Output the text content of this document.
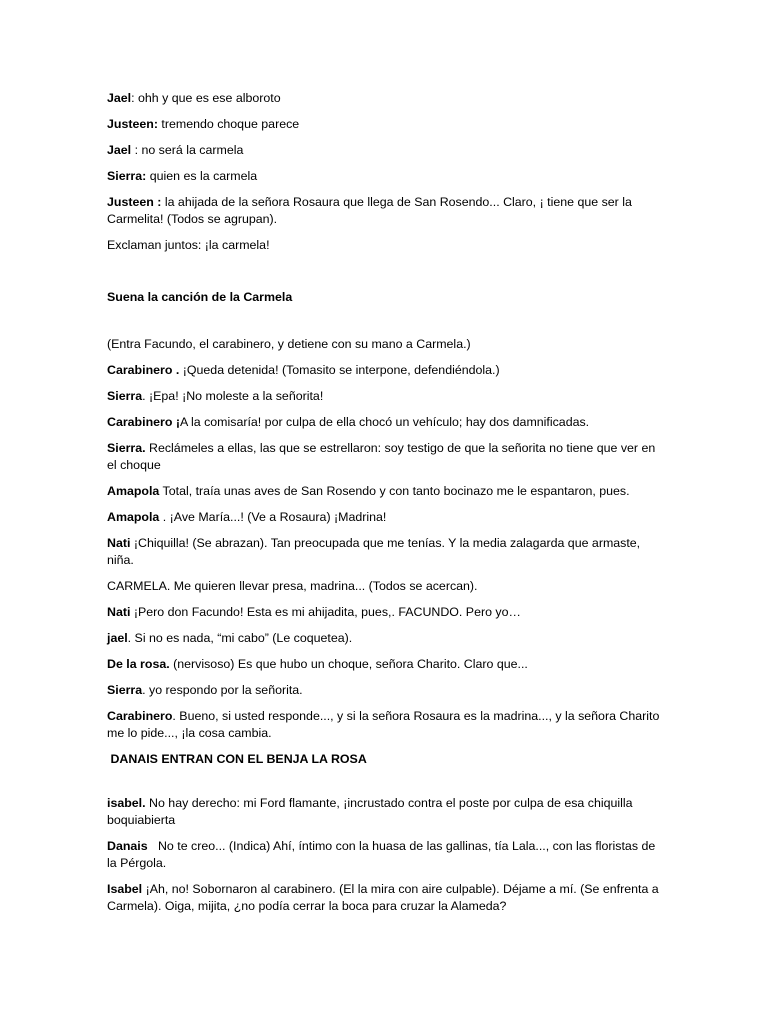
Jael: ohh y que es ese alboroto

Justeen: tremendo choque parece

Jael : no será la carmela

Sierra: quien es la carmela

Justeen : la ahijada de la señora Rosaura que llega de San Rosendo... Claro, ¡ tiene que ser la Carmelita! (Todos se agrupan).

Exclaman juntos: ¡la carmela!

Suena la canción de la Carmela

(Entra Facundo, el carabinero, y detiene con su mano a Carmela.)

Carabinero . ¡Queda detenida! (Tomasito se interpone, defendiéndola.)

Sierra. ¡Epa! ¡No moleste a la señorita!

Carabinero ¡A la comisaría! por culpa de ella chocó un vehículo; hay dos damnificadas.

Sierra. Reclámeles a ellas, las que se estrellaron: soy testigo de que la señorita no tiene que ver en el choque

Amapola Total, traía unas aves de San Rosendo y con tanto bocinazo me le espantaron, pues.

Amapola . ¡Ave María...! (Ve a Rosaura) ¡Madrina!

Nati ¡Chiquilla! (Se abrazan). Tan preocupada que me tenías. Y la media zalagarda que armaste, niña.

CARMELA. Me quieren llevar presa, madrina... (Todos se acercan).

Nati ¡Pero don Facundo! Esta es mi ahijadita, pues,. FACUNDO. Pero yo…

jael. Si no es nada, “mi cabo” (Le coquetea).

De la rosa. (nervisoso) Es que hubo un choque, señora Charito. Claro que...

Sierra. yo respondo por la señorita.

Carabinero. Bueno, si usted responde..., y si la señora Rosaura es la madrina..., y la señora Charito me lo pide..., ¡la cosa cambia.

DANAIS ENTRAN CON EL BENJA LA ROSA

isabel. No hay derecho: mi Ford flamante, ¡incrustado contra el poste por culpa de esa chiquilla boquiabierta

Danais   No te creo... (Indica) Ahí, íntimo con la huasa de las gallinas, tía Lala..., con las floristas de la Pérgola.

Isabel ¡Ah, no! Sobornaron al carabinero. (El la mira con aire culpable). Déjame a mí. (Se enfrenta a Carmela). Oiga, mijita, ¿no podía cerrar la boca para cruzar la Alameda?
